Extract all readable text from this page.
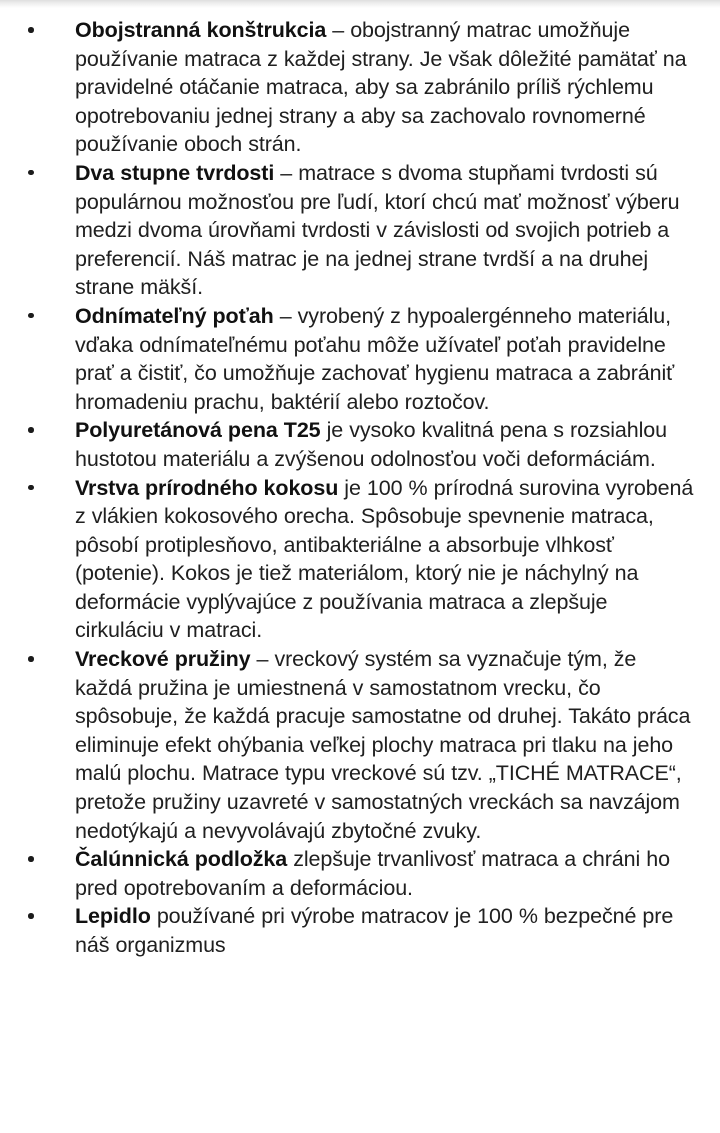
Obojstranná konštrukcia – obojstranný matrac umožňuje používanie matraca z každej strany. Je však dôležité pamätať na pravidelné otáčanie matraca, aby sa zabránilo príliš rýchlemu opotrebovaniu jednej strany a aby sa zachovalo rovnomerné používanie oboch strán.
Dva stupne tvrdosti – matrace s dvoma stupňami tvrdosti sú populárnou možnosťou pre ľudí, ktorí chcú mať možnosť výberu medzi dvoma úrovňami tvrdosti v závislosti od svojich potrieb a preferencií. Náš matrac je na jednej strane tvrdší a na druhej strane mäkší.
Odnímateľný poťah – vyrobený z hypoalergénneho materiálu, vďaka odnímateľnému poťahu môže užívateľ poťah pravidelne prať a čistiť, čo umožňuje zachovať hygienu matraca a zabrániť hromadeniu prachu, baktérií alebo roztočov.
Polyuretánová pena T25 je vysoko kvalitná pena s rozsiahlou hustotou materiálu a zvýšenou odolnosťou voči deformáciám.
Vrstva prírodného kokosu je 100 % prírodná surovina vyrobená z vlákien kokosového orecha. Spôsobuje spevnenie matraca, pôsobí protiplesňovo, antibakteriálne a absorbuje vlhkosť (potenie). Kokos je tiež materiálom, ktorý nie je náchylný na deformácie vyplývajúce z používania matraca a zlepšuje cirkuláciu v matraci.
Vreckové pružiny – vreckový systém sa vyznačuje tým, že každá pružina je umiestnená v samostatnom vrecku, čo spôsobuje, že každá pracuje samostatne od druhej. Takáto práca eliminuje efekt ohýbania veľkej plochy matraca pri tlaku na jeho malú plochu. Matrace typu vreckové sú tzv. „TICHÉ MATRACE“, pretože pružiny uzavreté v samostatných vreckách sa navzájom nedotýkajú a nevyvolávajú zbytočné zvuky.
Čalúnnická podložka zlepšuje trvanlivosť matraca a chráni ho pred opotrebovaním a deformáciou.
Lepidlo používané pri výrobe matracov je 100 % bezpečné pre náš organizmus
